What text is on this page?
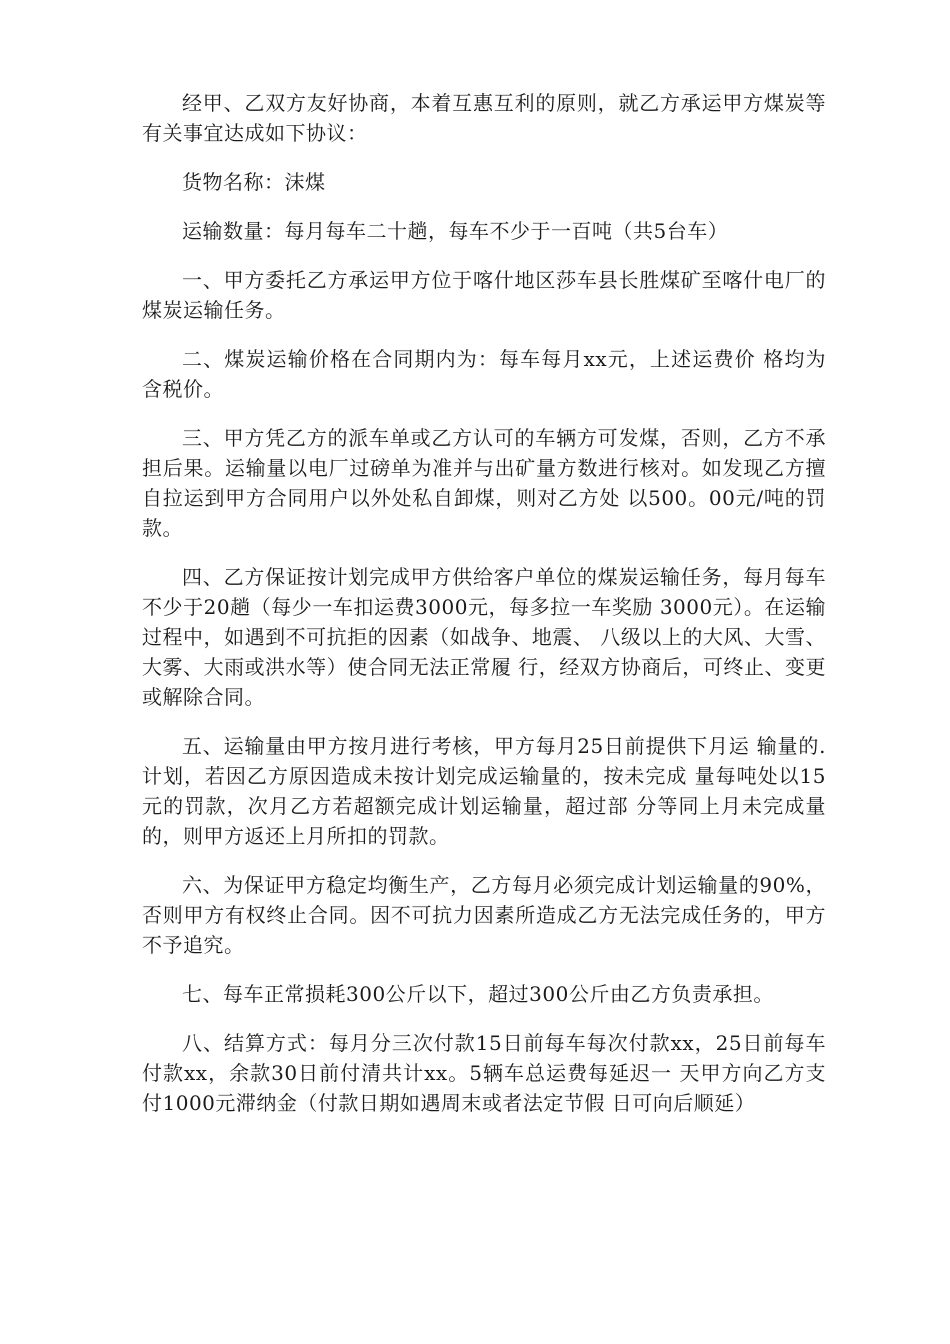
经甲、乙双方友好协商，本着互惠互利的原则，就乙方承运甲方煤炭等有关事宜达成如下协议：

货物名称：沫煤

运输数量：每月每车二十趟，每车不少于一百吨（共5台车）

一、甲方委托乙方承运甲方位于喀什地区莎车县长胜煤矿至喀什电厂的煤炭运输任务。

二、煤炭运输价格在合同期内为：每车每月xx元，上述运费价 格均为含税价。

三、甲方凭乙方的派车单或乙方认可的车辆方可发煤，否则，乙方不承担后果。运输量以电厂过磅单为准并与出矿量方数进行核对。如发现乙方擅自拉运到甲方合同用户以外处私自卸煤，则对乙方处 以500。00元/吨的罚款。

四、乙方保证按计划完成甲方供给客户单位的煤炭运输任务，每月每车不少于20趟（每少一车扣运费3000元，每多拉一车奖励 3000元）。在运输过程中，如遇到不可抗拒的因素（如战争、地震、 八级以上的大风、大雪、大雾、大雨或洪水等）使合同无法正常履 行，经双方协商后，可终止、变更或解除合同。

五、运输量由甲方按月进行考核，甲方每月25日前提供下月运 输量的.计划，若因乙方原因造成未按计划完成运输量的，按未完成 量每吨处以15元的罚款，次月乙方若超额完成计划运输量，超过部 分等同上月未完成量的，则甲方返还上月所扣的罚款。

六、为保证甲方稳定均衡生产，乙方每月必须完成计划运输量的90%，否则甲方有权终止合同。因不可抗力因素所造成乙方无法完成任务的，甲方不予追究。

七、每车正常损耗300公斤以下，超过300公斤由乙方负责承担。

八、结算方式：每月分三次付款15日前每车每次付款xx，25日前每车付款xx，余款30日前付清共计xx。5辆车总运费每延迟一 天甲方向乙方支付1000元滞纳金（付款日期如遇周末或者法定节假 日可向后顺延）
